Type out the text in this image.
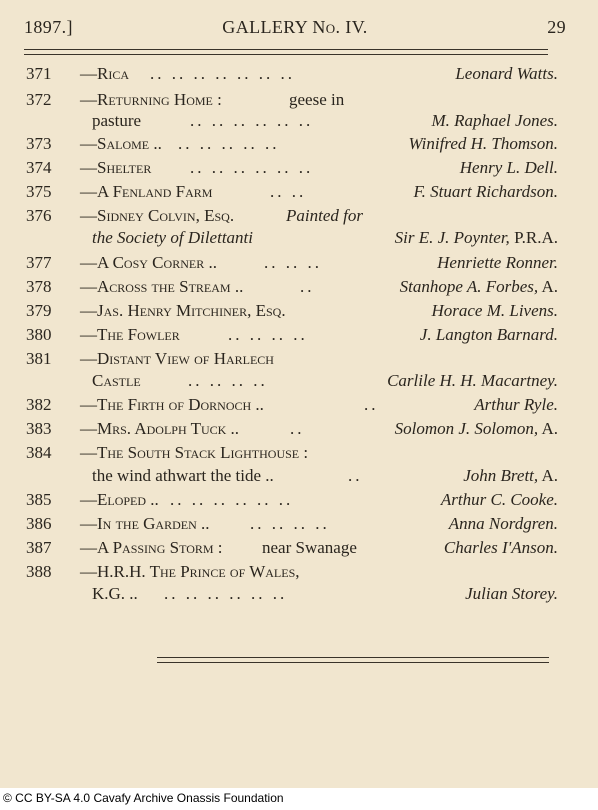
1897.]	GALLERY No. IV.	29
371 —Rica .. .. .. .. .. .. ..	Leonard Watts.
372 —Returning Home :	geese in
pasture	.. .. .. .. .. ..	M. Raphael Jones.
373 —Salome .. .. .. .. .. ..	Winifred H. Thomson.
374 —Shelter .. .. .. .. .. ..	Henry L. Dell.
375 —A Fenland Farm	.. ..	F. Stuart Richardson.
376 —Sidney Colvin, Esq.	Painted for
the Society of Dilettanti	Sir E. J. Poynter, P.R.A.
377 —A Cosy Corner ..	.. .. ..	Henriette Ronner.
378 —Across the Stream ..	..	Stanhope A. Forbes, A.
379 —Jas. Henry Mitchiner, Esq.	Horace M. Livens.
380 —The Fowler	.. .. .. ..	J. Langton Barnard.
381 —Distant View of Harlech
Castle	.. .. .. ..	Carlile H. H. Macartney.
382 —The Firth of Dornoch ..	..	Arthur Ryle.
383 —Mrs. Adolph Tuck ..	..	Solomon J. Solomon, A.
384 —The South Stack Lighthouse :
the wind athwart the tide ..	..	John Brett, A.
385 —Eloped .. .. .. .. .. .. ..	Arthur C. Cooke.
386 —In the Garden .. .. .. .. ..	Anna Nordgren.
387 —A Passing Storm : near Swanage	Charles I'Anson.
388 —H.R.H. The Prince of Wales,
K.G. .. .. .. .. .. .. ..	Julian Storey.
© CC BY-SA 4.0 Cavafy Archive Onassis Foundation
